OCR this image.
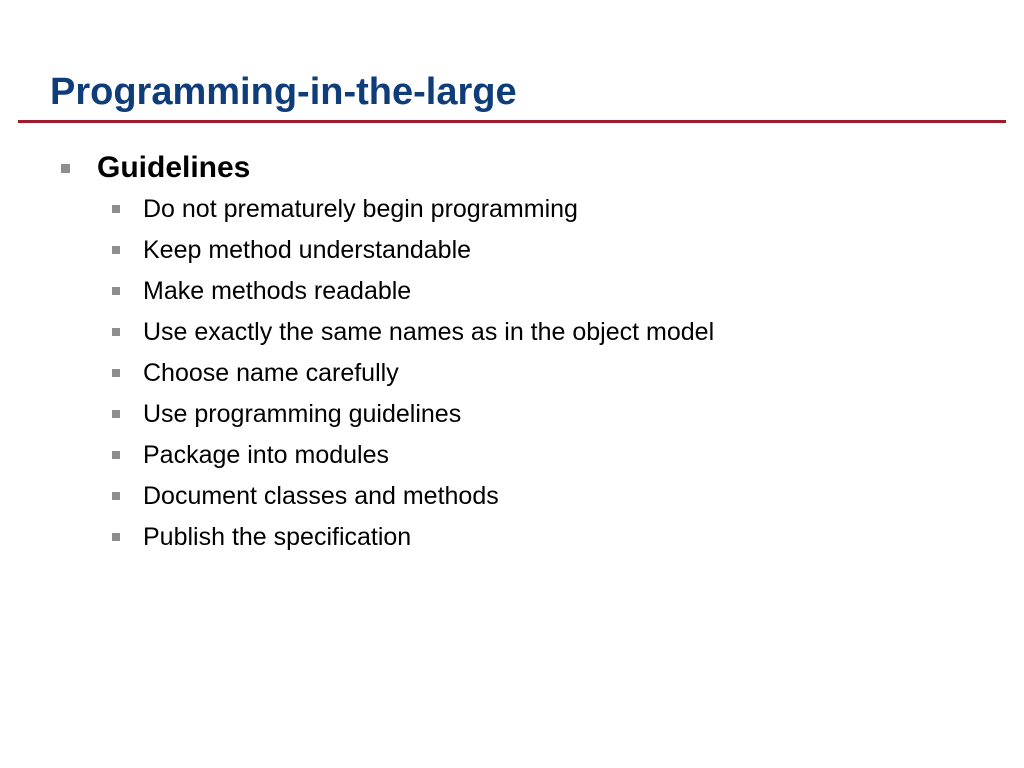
Programming-in-the-large
Guidelines
Do not prematurely begin programming
Keep method understandable
Make methods readable
Use exactly the same names as in the object model
Choose name carefully
Use programming guidelines
Package into modules
Document classes and methods
Publish the specification
